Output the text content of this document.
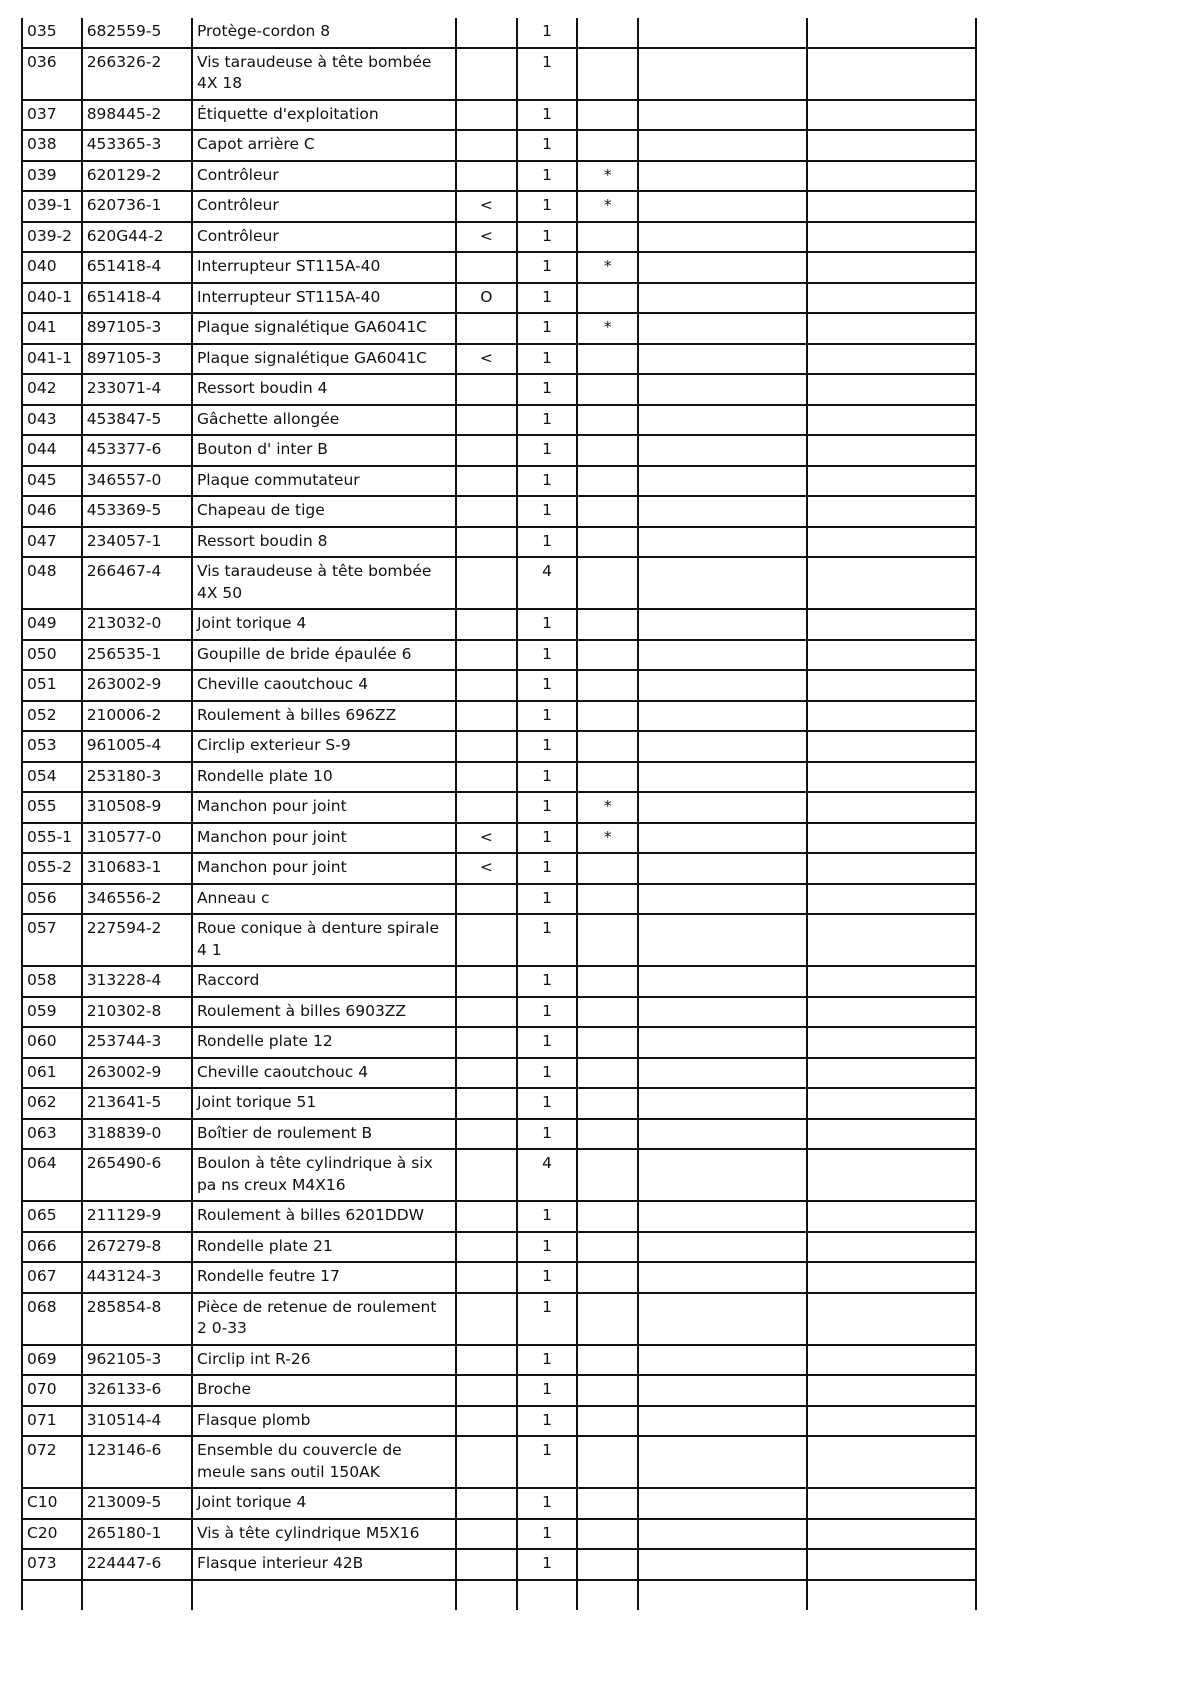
035	682559-5	Protège-cordon 8		1			
036	266326-2	Vis taraudeuse à tête bombée 4X 18		1			
037	898445-2	Étiquette d'exploitation		1			
038	453365-3	Capot arrière C		1			
039	620129-2	Contrôleur		1	*		
039-1	620736-1	Contrôleur	<	1	*		
039-2	620G44-2	Contrôleur	<	1			
040	651418-4	Interrupteur ST115A-40		1	*		
040-1	651418-4	Interrupteur ST115A-40	O	1			
041	897105-3	Plaque signalétique GA6041C		1	*		
041-1	897105-3	Plaque signalétique GA6041C	<	1			
042	233071-4	Ressort boudin 4		1			
043	453847-5	Gâchette allongée		1			
044	453377-6	Bouton d' inter B		1			
045	346557-0	Plaque commutateur		1			
046	453369-5	Chapeau de tige		1			
047	234057-1	Ressort boudin 8		1			
048	266467-4	Vis taraudeuse à tête bombée 4X 50		4			
049	213032-0	Joint torique 4		1			
050	256535-1	Goupille de bride épaulée 6		1			
051	263002-9	Cheville caoutchouc 4		1			
052	210006-2	Roulement à billes 696ZZ		1			
053	961005-4	Circlip exterieur S-9		1			
054	253180-3	Rondelle plate 10		1			
055	310508-9	Manchon pour joint		1	*		
055-1	310577-0	Manchon pour joint	<	1	*		
055-2	310683-1	Manchon pour joint	<	1			
056	346556-2	Anneau c		1			
057	227594-2	Roue conique à denture spirale 4 1		1			
058	313228-4	Raccord		1			
059	210302-8	Roulement à billes 6903ZZ		1			
060	253744-3	Rondelle plate 12		1			
061	263002-9	Cheville caoutchouc 4		1			
062	213641-5	Joint torique 51		1			
063	318839-0	Boîtier de roulement B		1			
064	265490-6	Boulon à tête cylindrique à six pa ns creux M4X16		4			
065	211129-9	Roulement à billes 6201DDW		1			
066	267279-8	Rondelle plate 21		1			
067	443124-3	Rondelle feutre 17		1			
068	285854-8	Pièce de retenue de roulement 2 0-33		1			
069	962105-3	Circlip int R-26		1			
070	326133-6	Broche		1			
071	310514-4	Flasque plomb		1			
072	123146-6	Ensemble du couvercle de meule sans outil 150AK		1			
C10	213009-5	Joint torique 4		1			
C20	265180-1	Vis à tête cylindrique M5X16		1			
073	224447-6	Flasque interieur 42B		1			
